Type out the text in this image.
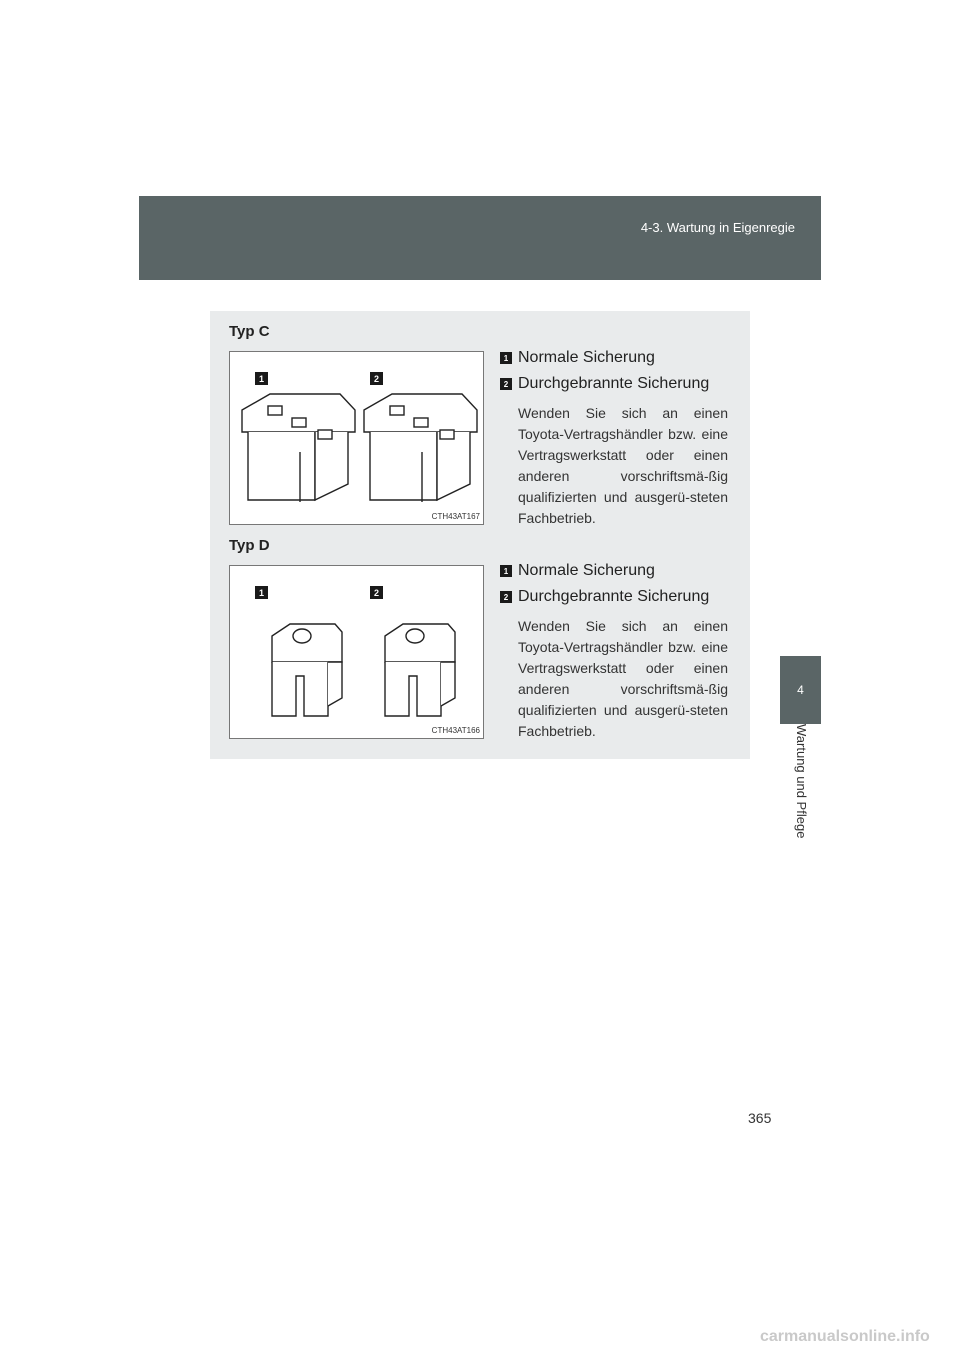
4-3. Wartung in Eigenregie
4
Wartung und Pflege
Typ C
1	2
CTH43AT167
1 Normale Sicherung
2 Durchgebrannte Sicherung
Wenden Sie sich an einen Toyota-Vertragshändler bzw. eine Vertragswerkstatt oder einen anderen vorschriftsmä-ßig qualifizierten und ausgerü-steten Fachbetrieb.
Typ D
1	2
CTH43AT166
1 Normale Sicherung
2 Durchgebrannte Sicherung
Wenden Sie sich an einen Toyota-Vertragshändler bzw. eine Vertragswerkstatt oder einen anderen vorschriftsmä-ßig qualifizierten und ausgerü-steten Fachbetrieb.
365
carmanualsonline.info
